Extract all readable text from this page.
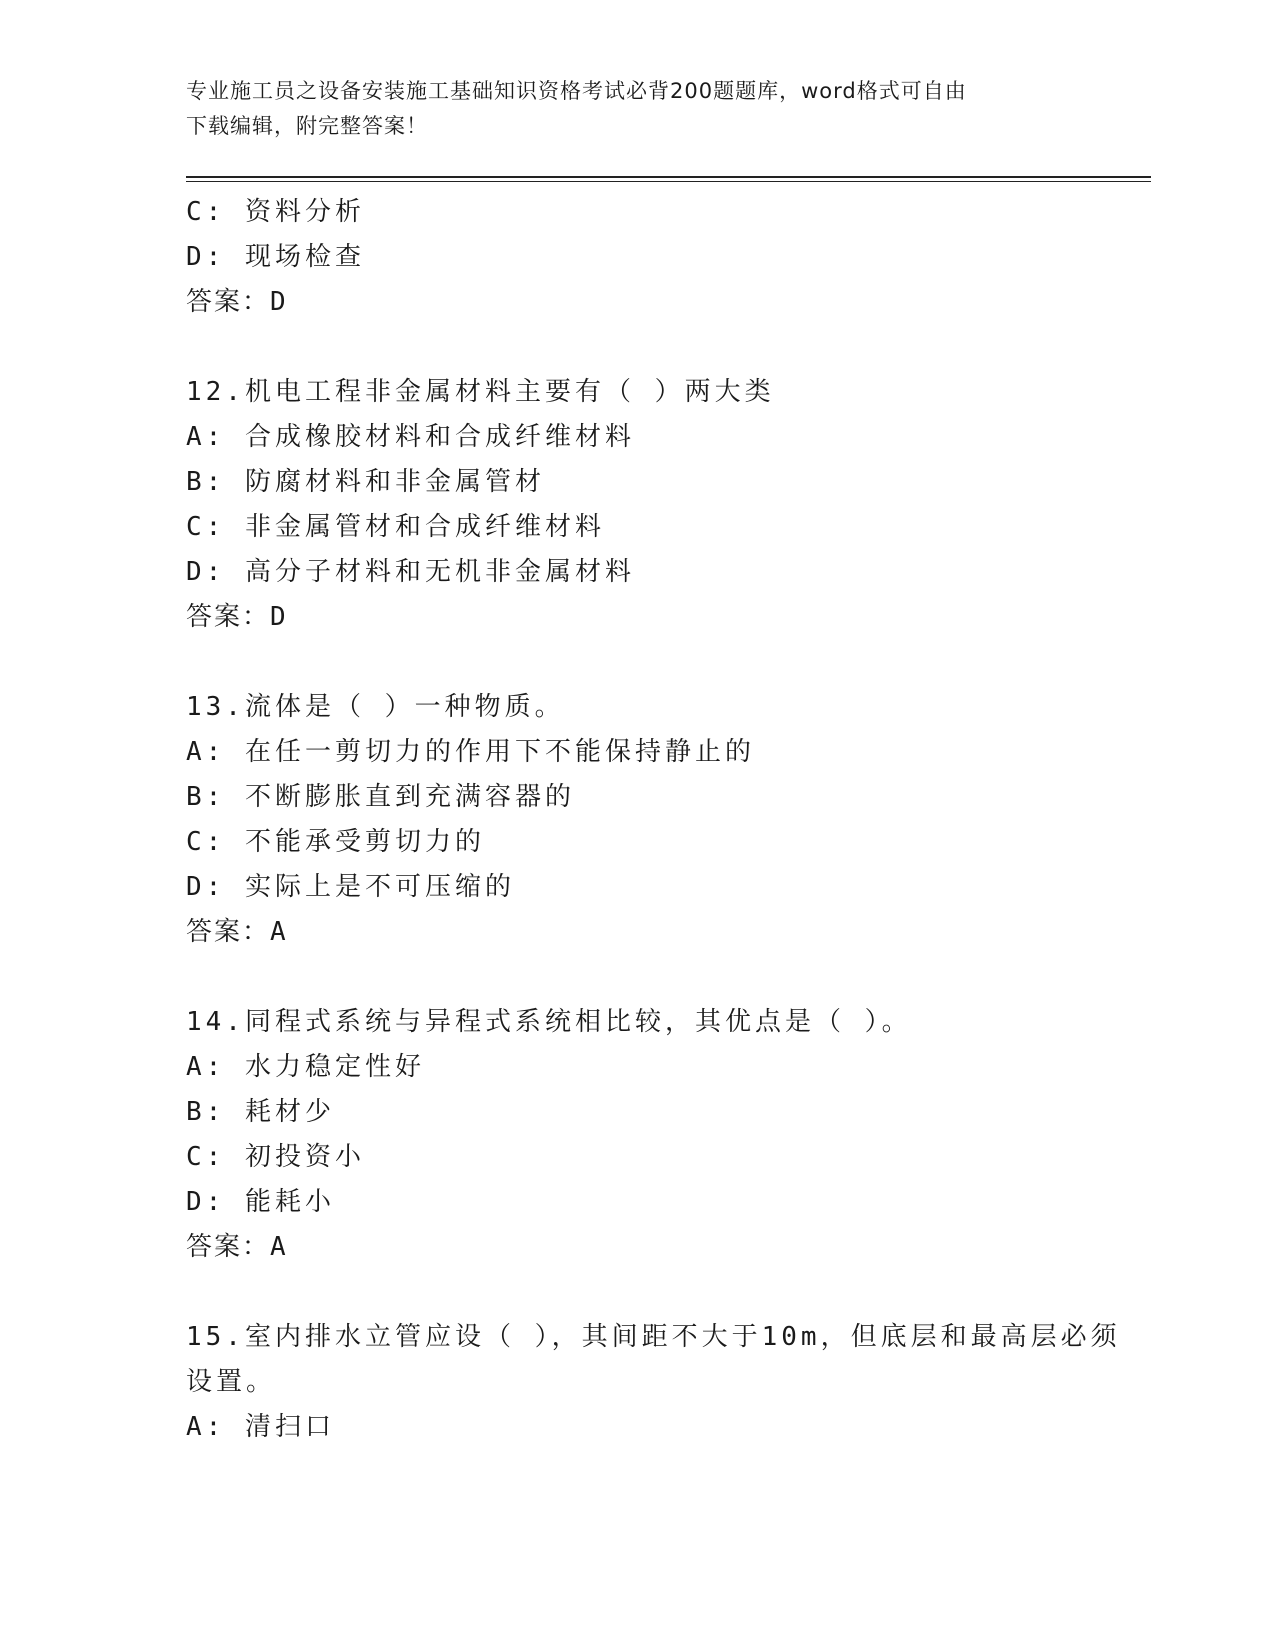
专业施工员之设备安装施工基础知识资格考试必背200题题库，word格式可自由
下载编辑，附完整答案！
C: 资料分析
D: 现场检查
答案：D
12.机电工程非金属材料主要有（ ）两大类
A: 合成橡胶材料和合成纤维材料
B: 防腐材料和非金属管材
C: 非金属管材和合成纤维材料
D: 高分子材料和无机非金属材料
答案：D
13.流体是（ ）一种物质。
A: 在任一剪切力的作用下不能保持静止的
B: 不断膨胀直到充满容器的
C: 不能承受剪切力的
D: 实际上是不可压缩的
答案：A
14.同程式系统与异程式系统相比较，其优点是（ ）。
A: 水力稳定性好
B: 耗材少
C: 初投资小
D: 能耗小
答案：A
15.室内排水立管应设（ ），其间距不大于10m，但底层和最高层必须
设置。
A: 清扫口
